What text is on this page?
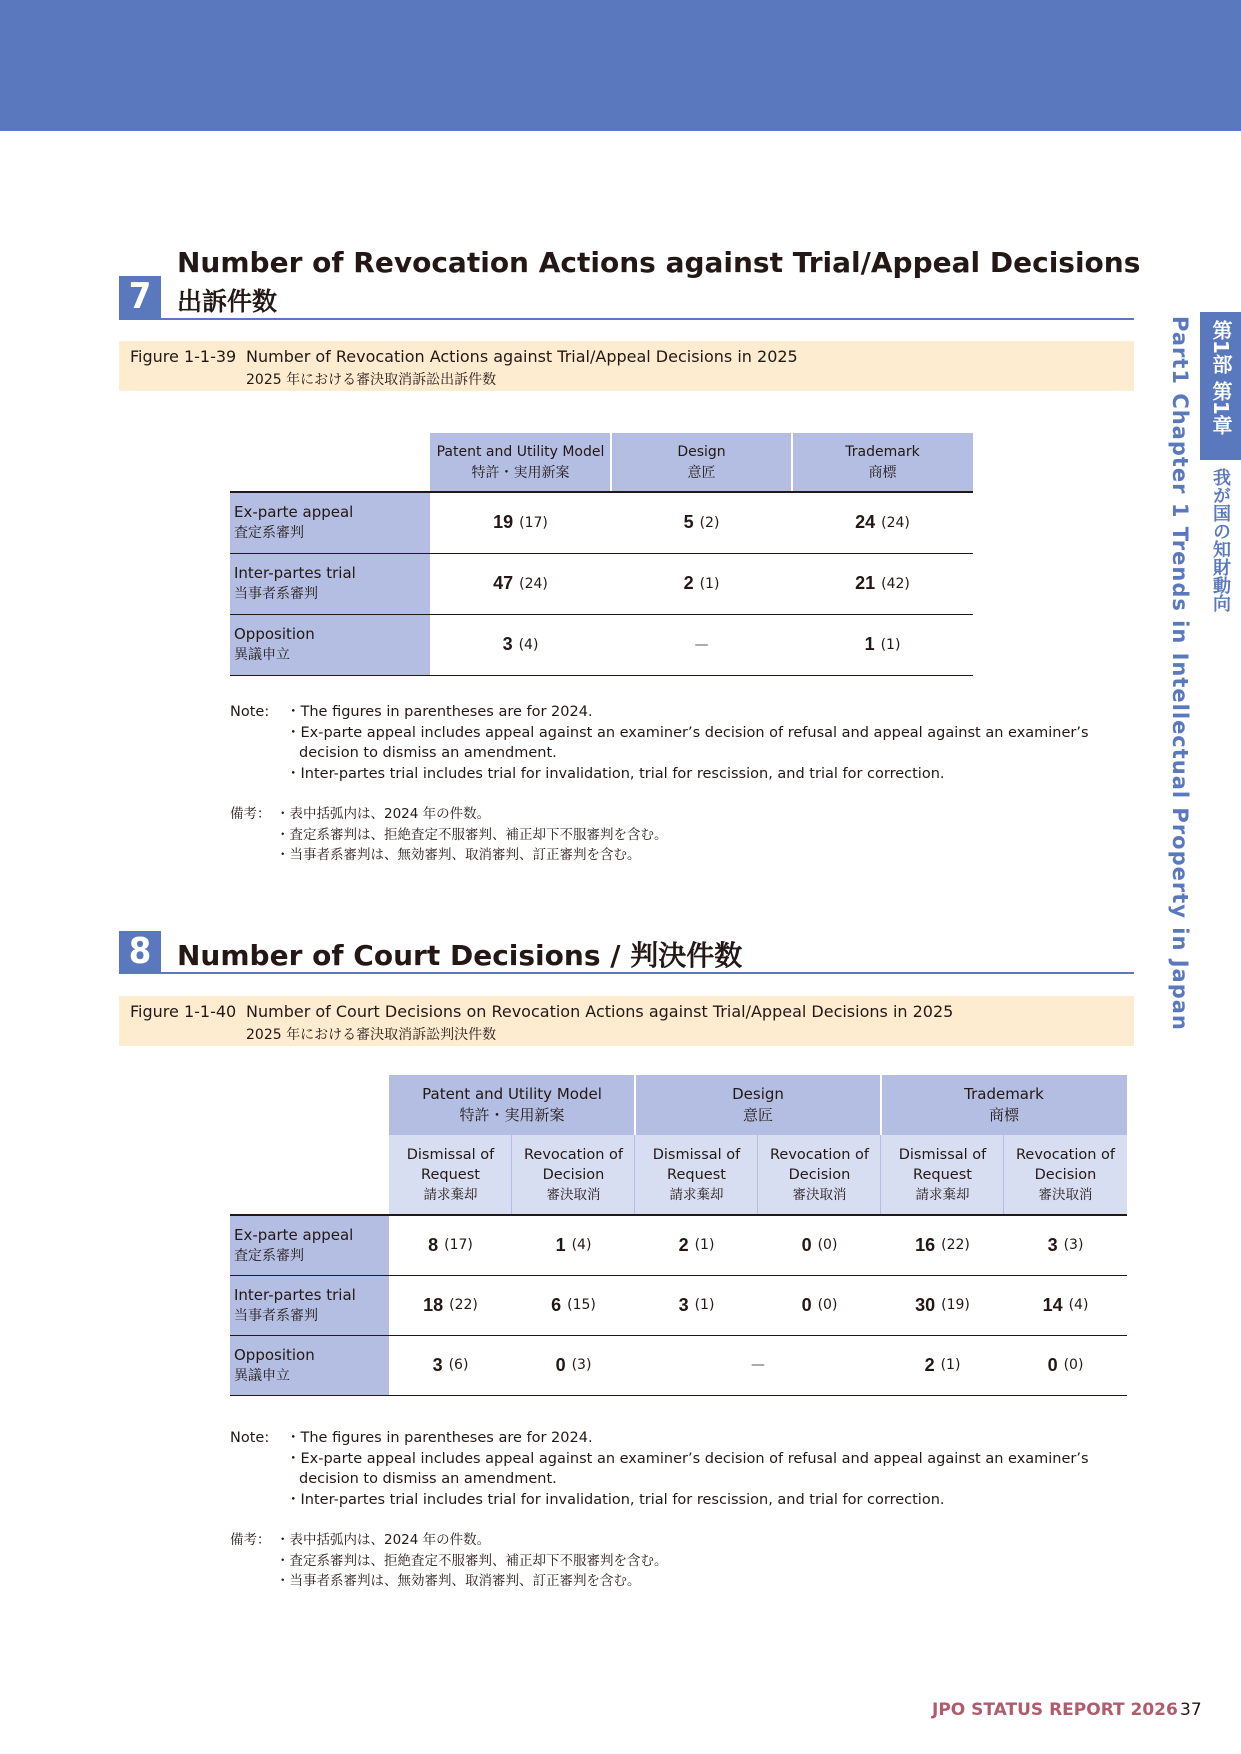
Part1 Chapter 1 Trends in Intellectual Property in Japan 第1部 第1章
我が国の知財動向
7
Number of Revocation Actions against Trial/Appeal Decisions
出訴件数
Figure 1-1-39 Number of Revocation Actions against Trial/Appeal Decisions in 2025
2025 年における審決取消訴訟出訴件数
Patent and Utility Model
特許・実用新案
Design
意匠
Trademark
商標
Ex-parte appeal
査定系審判
19 (17)	5 (2)	24 (24)
Inter-partes trial
当事者系審判
47 (24)	2 (1)	21 (42)
Opposition
異議申立
3 (4)	—	1 (1)
Note:	・The figures in parentheses are for 2024.
・Ex-parte appeal includes appeal against an examiner’s decision of refusal and appeal against an examiner’s decision to dismiss an amendment.
・Inter-partes trial includes trial for invalidation, trial for rescission, and trial for correction.
備考： ・表中括弧内は、2024 年の件数。
・査定系審判は、拒絶査定不服審判、補正却下不服審判を含む。
・当事者系審判は、無効審判、取消審判、訂正審判を含む。
8 Number of Court Decisions / 判決件数
Figure 1-1-40 Number of Court Decisions on Revocation Actions against Trial/Appeal Decisions in 2025
2025 年における審決取消訴訟判決件数
Patent and Utility Model
特許・実用新案
Design
意匠
Trademark
商標
Dismissal of
Request
請求棄却
Revocation of
Decision
審決取消
Dismissal of
Request
請求棄却
Revocation of
Decision
審決取消
Dismissal of
Request
請求棄却
Revocation of
Decision
審決取消
Ex-parte appeal
査定系審判
8 (17)	1 (4)	2 (1)	0 (0)	16 (22)	3 (3)
Inter-partes trial
当事者系審判
18 (22)	6 (15)	3 (1)	0 (0)	30 (19)	14 (4)
Opposition
異議申立
3 (6)	0 (3)	—	2 (1)	0 (0)
Note:	・The figures in parentheses are for 2024.
・Ex-parte appeal includes appeal against an examiner’s decision of refusal and appeal against an examiner’s decision to dismiss an amendment.
・Inter-partes trial includes trial for invalidation, trial for rescission, and trial for correction.
備考： ・表中括弧内は、2024 年の件数。
・査定系審判は、拒絶査定不服審判、補正却下不服審判を含む。
・当事者系審判は、無効審判、取消審判、訂正審判を含む。
JPO STATUS REPORT 2026 37
